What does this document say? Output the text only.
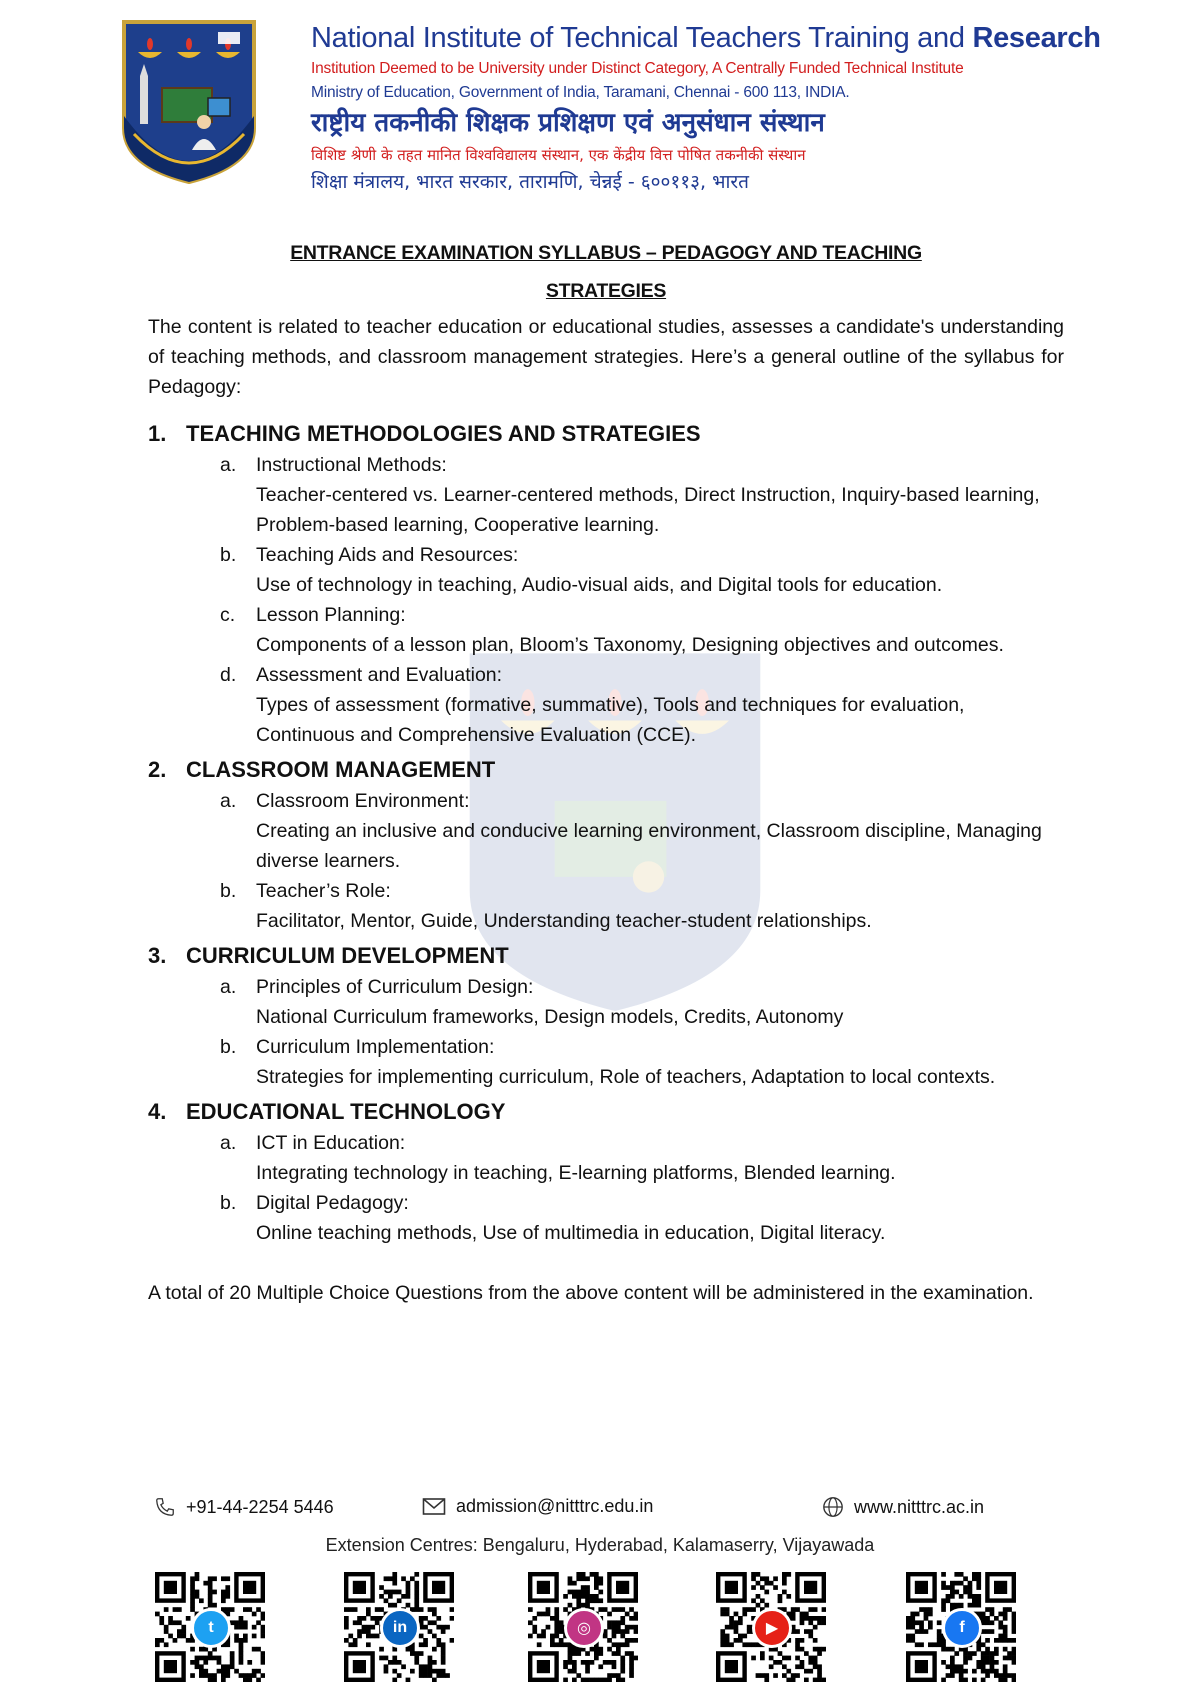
National Institute of Technical Teachers Training and Research
Institution Deemed to be University under Distinct Category, A Centrally Funded Technical Institute
Ministry of Education, Government of India, Taramani, Chennai - 600 113, INDIA.
राष्ट्रीय तकनीकी शिक्षक प्रशिक्षण एवं अनुसंधान संस्थान
विशिष्ट श्रेणी के तहत मानित विश्वविद्यालय संस्थान, एक केंद्रीय वित्त पोषित तकनीकी संस्थान
शिक्षा मंत्रालय, भारत सरकार, तारामणि, चेन्नई - ६००११३, भारत
ENTRANCE EXAMINATION SYLLABUS – PEDAGOGY AND TEACHING
STRATEGIES
The content is related to teacher education or educational studies, assesses a candidate's understanding of teaching methods, and classroom management strategies. Here’s a general outline of the syllabus for Pedagogy:
1. TEACHING METHODOLOGIES AND STRATEGIES
a.	Instructional Methods:
Teacher-centered vs. Learner-centered methods, Direct Instruction, Inquiry-based learning, Problem-based learning, Cooperative learning.
b.	Teaching Aids and Resources:
Use of technology in teaching, Audio-visual aids, and Digital tools for education.
c.	Lesson Planning:
Components of a lesson plan, Bloom’s Taxonomy, Designing objectives and outcomes.
d.	Assessment and Evaluation:
Types of assessment (formative, summative), Tools and techniques for evaluation, Continuous and Comprehensive Evaluation (CCE).
2. CLASSROOM MANAGEMENT
a.	Classroom Environment:
Creating an inclusive and conducive learning environment, Classroom discipline, Managing diverse learners.
b.	Teacher’s Role:
Facilitator, Mentor, Guide, Understanding teacher-student relationships.
3. CURRICULUM DEVELOPMENT
a.	Principles of Curriculum Design:
National Curriculum frameworks, Design models, Credits, Autonomy
b.	Curriculum Implementation:
Strategies for implementing curriculum, Role of teachers, Adaptation to local contexts.
4. EDUCATIONAL TECHNOLOGY
a.	ICT in Education:
Integrating technology in teaching, E-learning platforms, Blended learning.
b.	Digital Pedagogy:
Online teaching methods, Use of multimedia in education, Digital literacy.
A total of 20 Multiple Choice Questions from the above content will be administered in the examination.
+91-44-2254 5446	admission@nitttrc.edu.in	www.nitttrc.ac.in
Extension Centres: Bengaluru, Hyderabad, Kalamaserry, Vijayawada
t	in	◎	▶	f
